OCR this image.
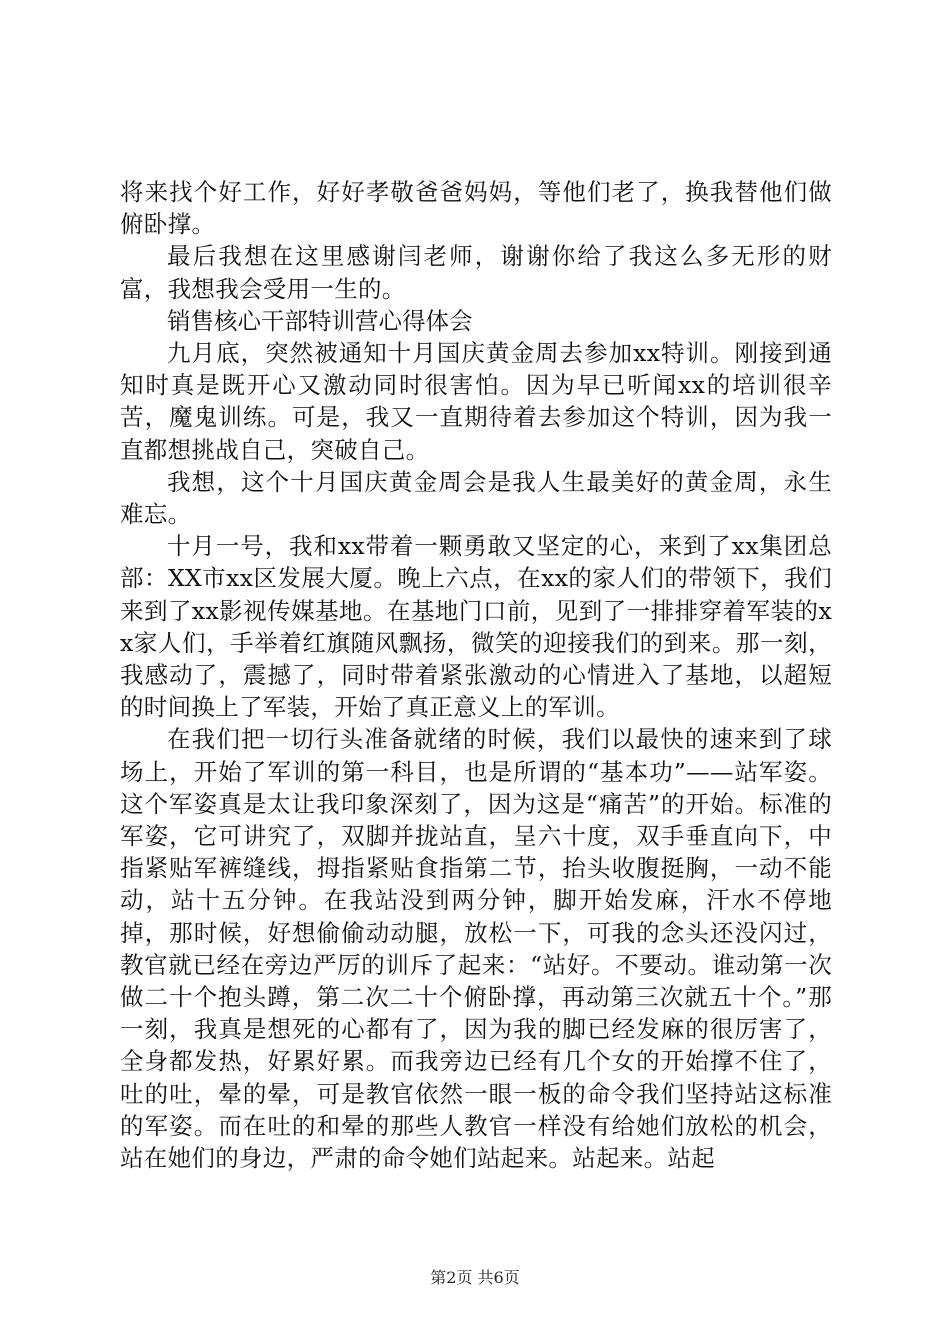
将来找个好工作，好好孝敬爸爸妈妈，等他们老了，换我替他们做俯卧撑。

最后我想在这里感谢闫老师，谢谢你给了我这么多无形的财富，我想我会受用一生的。

销售核心干部特训营心得体会

九月底，突然被通知十月国庆黄金周去参加xx特训。刚接到通知时真是既开心又激动同时很害怕。因为早已听闻xx的培训很辛苦，魔鬼训练。可是，我又一直期待着去参加这个特训，因为我一直都想挑战自己，突破自己。

我想，这个十月国庆黄金周会是我人生最美好的黄金周，永生难忘。

十月一号，我和xx带着一颗勇敢又坚定的心，来到了xx集团总部：XX市xx区发展大厦。晚上六点，在xx的家人们的带领下，我们来到了xx影视传媒基地。在基地门口前，见到了一排排穿着军装的xx家人们，手举着红旗随风飘扬，微笑的迎接我们的到来。那一刻，我感动了，震撼了，同时带着紧张激动的心情进入了基地，以超短的时间换上了军装，开始了真正意义上的军训。

在我们把一切行头准备就绪的时候，我们以最快的速来到了球场上，开始了军训的第一科目，也是所谓的“基本功”——站军姿。这个军姿真是太让我印象深刻了，因为这是“痛苦”的开始。标准的军姿，它可讲究了，双脚并拢站直，呈六十度，双手垂直向下，中指紧贴军裤缝线，拇指紧贴食指第二节，抬头收腹挺胸，一动不能动，站十五分钟。在我站没到两分钟，脚开始发麻，汗水不停地掉，那时候，好想偷偷动动腿，放松一下，可我的念头还没闪过，教官就已经在旁边严厉的训斥了起来：“站好。不要动。谁动第一次做二十个抱头蹲，第二次二十个俯卧撑，再动第三次就五十个。”那一刻，我真是想死的心都有了，因为我的脚已经发麻的很厉害了，全身都发热，好累好累。而我旁边已经有几个女的开始撑不住了，吐的吐，晕的晕，可是教官依然一眼一板的命令我们坚持站这标准的军姿。而在吐的和晕的那些人教官一样没有给她们放松的机会，站在她们的身边，严肃的命令她们站起来。站起来。站起

第2页 共6页
